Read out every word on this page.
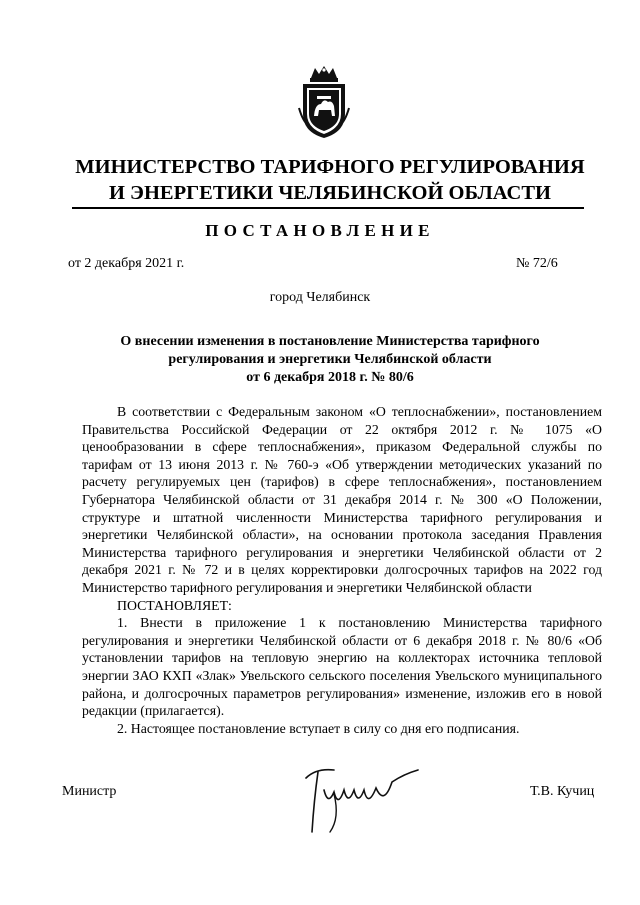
МИНИСТЕРСТВО ТАРИФНОГО РЕГУЛИРОВАНИЯ
И ЭНЕРГЕТИКИ ЧЕЛЯБИНСКОЙ ОБЛАСТИ
ПОСТАНОВЛЕНИЕ
от 2 декабря 2021 г.	№ 72/6
город Челябинск
О внесении изменения в постановление Министерства тарифного
регулирования и энергетики Челябинской области
от 6 декабря 2018 г. № 80/6

В соответствии с Федеральным законом «О теплоснабжении», постановлением Правительства Российской Федерации от 22 октября 2012 г. № 1075 «О ценообразовании в сфере теплоснабжения», приказом Федеральной службы по тарифам от 13 июня 2013 г. № 760-э «Об утверждении методических указаний по расчету регулируемых цен (тарифов) в сфере теплоснабжения», постановлением Губернатора Челябинской области от 31 декабря 2014 г. № 300 «О Положении, структуре и штатной численности Министерства тарифного регулирования и энергетики Челябинской области», на основании протокола заседания Правления Министерства тарифного регулирования и энергетики Челябинской области от 2 декабря 2021 г. № 72 и в целях корректировки долгосрочных тарифов на 2022 год Министерство тарифного регулирования и энергетики Челябинской области

ПОСТАНОВЛЯЕТ:

1. Внести в приложение 1 к постановлению Министерства тарифного регулирования и энергетики Челябинской области от 6 декабря 2018 г. № 80/6 «Об установлении тарифов на тепловую энергию на коллекторах источника тепловой энергии ЗАО КХП «Злак» Увельского сельского поселения Увельского муниципального района, и долгосрочных параметров регулирования» изменение, изложив его в новой редакции (прилагается).

2. Настоящее постановление вступает в силу со дня его подписания.

Министр	Т.В. Кучиц
